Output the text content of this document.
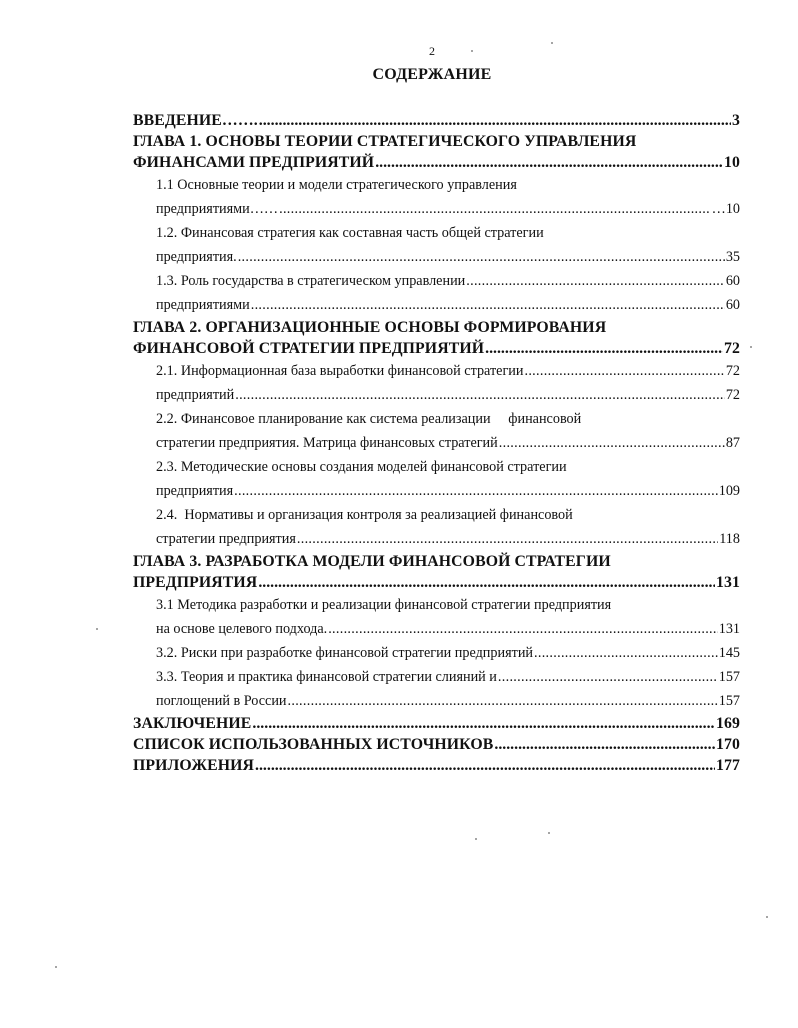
2
СОДЕРЖАНИЕ
ВВЕДЕНИЕ……. .....	3
ГЛАВА 1. ОСНОВЫ ТЕОРИИ СТРАТЕГИЧЕСКОГО УПРАВЛЕНИЯ
ФИНАНСАМИ ПРЕДПРИЯТИЙ .....	10
1.1 Основные теории и модели стратегического управления
предприятиями…… .....	…10
1.2. Финансовая стратегия как составная часть общей стратегии
предприятия. .....	35
1.3. Роль государства в стратегическом управлении .....	60
предприятиями .....	60
ГЛАВА 2. ОРГАНИЗАЦИОННЫЕ ОСНОВЫ ФОРМИРОВАНИЯ
ФИНАНСОВОЙ СТРАТЕГИИ ПРЕДПРИЯТИЙ .....	72
2.1. Информационная база выработки финансовой стратегии .....	72
предприятий .....	72
2.2. Финансовое планирование как система реализации     финансовой
стратегии предприятия. Матрица финансовых стратегий .....	87
2.3. Методические основы создания моделей финансовой стратегии
предприятия .....	109
2.4.  Нормативы и организация контроля за реализацией финансовой
стратегии предприятия .....	118
ГЛАВА 3. РАЗРАБОТКА МОДЕЛИ ФИНАНСОВОЙ СТРАТЕГИИ
ПРЕДПРИЯТИЯ .....	131
3.1 Методика разработки и реализации финансовой стратегии предприятия
на основе целевого подхода. .....	131
3.2. Риски при разработке финансовой стратегии предприятий .....	145
3.3. Теория и практика финансовой стратегии слияний и .....	157
поглощений в России .....	157
ЗАКЛЮЧЕНИЕ .....	169
СПИСОК ИСПОЛЬЗОВАННЫХ ИСТОЧНИКОВ .....	170
ПРИЛОЖЕНИЯ .....	177
